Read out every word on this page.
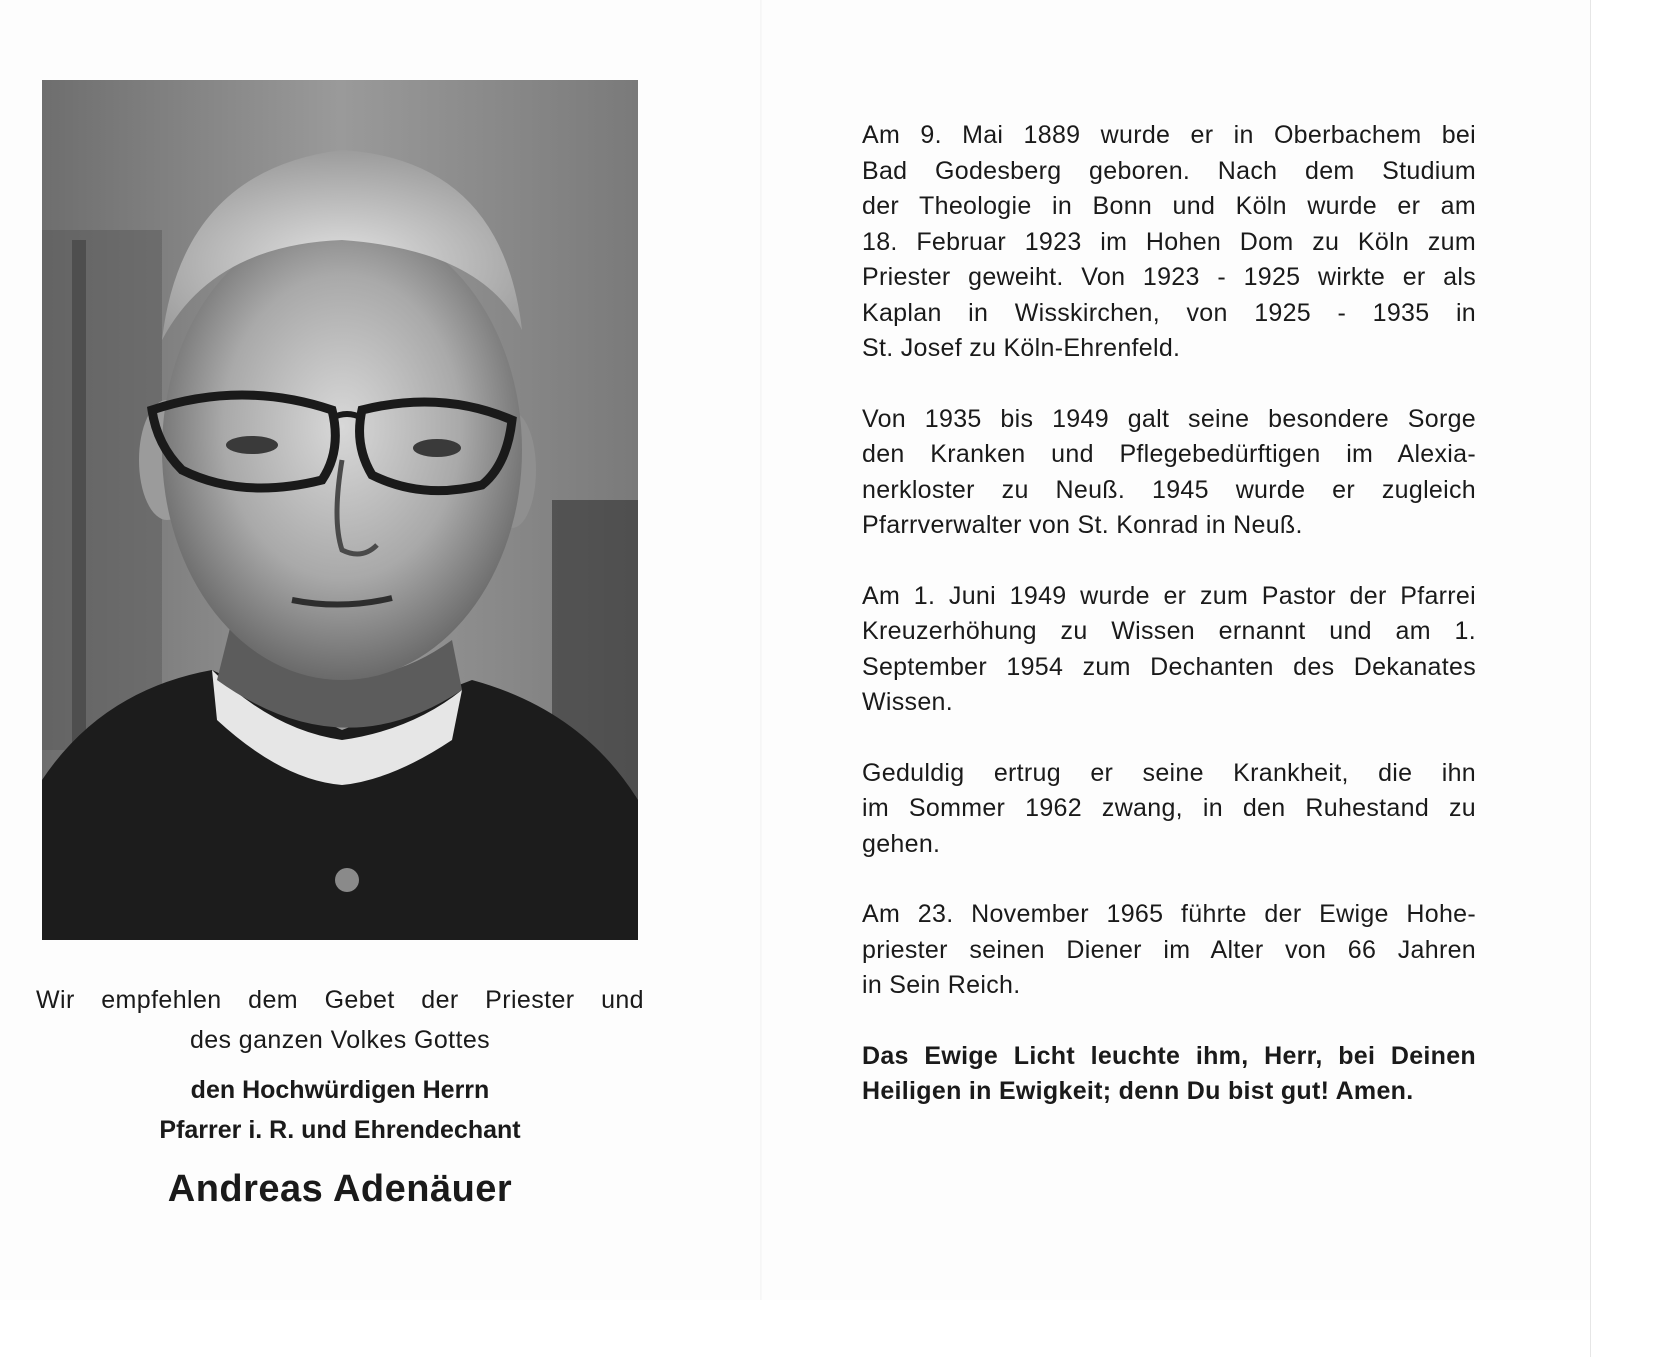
Wir empfehlen dem Gebet der Priester und

des ganzen Volkes Gottes

den Hochwürdigen Herrn

Pfarrer i. R. und Ehrendechant

Andreas Adenäuer

Am 9. Mai 1889 wurde er in Oberbachem bei
Bad Godesberg geboren. Nach dem Studium
der Theologie in Bonn und Köln wurde er am
18. Februar 1923 im Hohen Dom zu Köln zum
Priester geweiht. Von 1923 - 1925 wirkte er als
Kaplan in Wisskirchen, von 1925 - 1935 in
St. Josef zu Köln-Ehrenfeld.
Von 1935 bis 1949 galt seine besondere Sorge
den Kranken und Pflegebedürftigen im Alexia-
nerkloster zu Neuß. 1945 wurde er zugleich
Pfarrverwalter von St. Konrad in Neuß.
Am 1. Juni 1949 wurde er zum Pastor der Pfarrei
Kreuzerhöhung zu Wissen ernannt und am 1.
September 1954 zum Dechanten des Dekanates
Wissen.
Geduldig ertrug er seine Krankheit, die ihn
im Sommer 1962 zwang, in den Ruhestand zu
gehen.
Am 23. November 1965 führte der Ewige Hohe-
priester seinen Diener im Alter von 66 Jahren
in Sein Reich.
Das Ewige Licht leuchte ihm, Herr, bei Deinen
Heiligen in Ewigkeit; denn Du bist gut! Amen.
